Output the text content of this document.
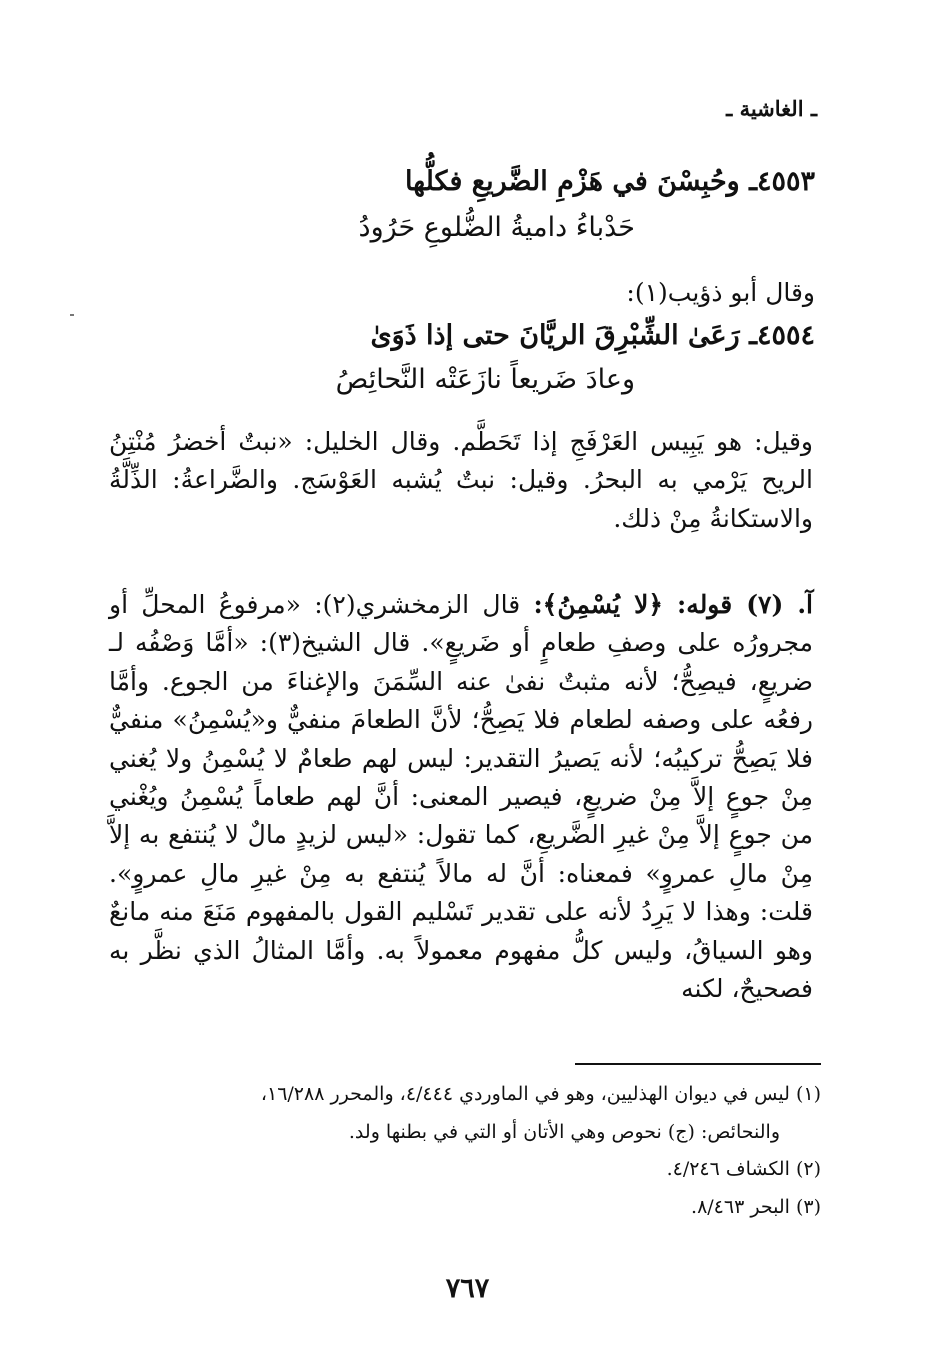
ـ الغاشية ـ
٤٥٥٣ـ وحُبِسْنَ في هَزْمِ الضَّريعِ فكلُّها
حَدْباءُ داميةُ الضُّلوعِ حَرُودُ
وقال أبو ذؤيب(١):
٤٥٥٤ـ رَعَىٰ الشِّبْرِقَ الريَّانَ حتى إذا ذَوَىٰ
وعادَ ضَريعاً نازَعَتْه النَّحائِصُ
وقيل: هو يَبِيس العَرْفَجِ إذا تَحَطَّم. وقال الخليل: «نبتٌ أخضرُ مُنْتِنُ الريح يَرْمي به البحرُ. وقيل: نبتٌ يُشبه العَوْسَج. والضَّراعةُ: الذِّلَّةُ والاستكانةُ مِنْ ذلك.
آ. (٧) قوله: ﴿لا يُسْمِنُ﴾: قال الزمخشري(٢): «مرفوعُ المحلِّ أو مجرورُه على وصفِ طعامٍ أو ضَريعٍ». قال الشيخ(٣): «أمَّا وَصْفُه لـ ضريعٍ، فيصِحُّ؛ لأنه مثبتٌ نفىٰ عنه السِّمَنَ والإغناءَ من الجوع. وأمَّا رفعُه على وصفه لطعام فلا يَصِحُّ؛ لأنَّ الطعامَ منفيٌّ و«يُسْمِنُ» منفيٌّ فلا يَصِحُّ تركيبُه؛ لأنه يَصيرُ التقدير: ليس لهم طعامٌ لا يُسْمِنُ ولا يُغني مِنْ جوعٍ إلاَّ مِنْ ضريعٍ، فيصير المعنى: أنَّ لهم طعاماً يُسْمِنُ ويُغْني من جوعٍ إلاَّ مِنْ غيرِ الضَّريعِ، كما تقول: «ليس لزيدٍ مالٌ لا يُنتفع به إلاَّ مِنْ مالِ عمروٍ» فمعناه: أنَّ له مالاً يُنتفع به مِنْ غيرِ مالِ عمروٍ». قلت: وهذا لا يَرِدُ لأنه على تقدير تَسْليم القول بالمفهوم مَنَعَ منه مانعٌ وهو السياقُ، وليس كلُّ مفهوم معمولاً به. وأمَّا المثالُ الذي نظَّر به فصحيحٌ، لكنه
(١) ليس في ديوان الهذليين، وهو في الماوردي ٤/٤٤٤، والمحرر ١٦/٢٨٨،
والنحائص: (ج) نحوص وهي الأتان أو التي في بطنها ولد.
(٢) الكشاف ٤/٢٤٦.
(٣) البحر ٨/٤٦٣.
٧٦٧
